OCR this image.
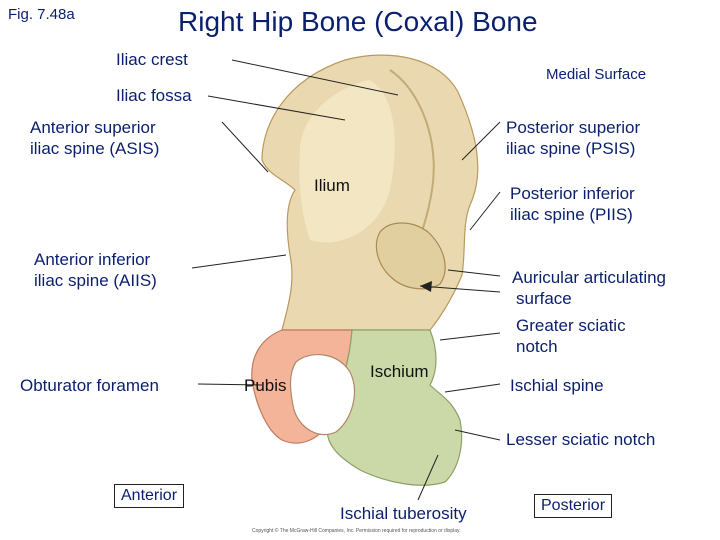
Fig. 7.48a	Right Hip Bone (Coxal) Bone
Iliac crest
Medial Surface
Iliac fossa
Anterior superior
iliac spine (ASIS)
Posterior superior
iliac spine (PSIS)
Ilium	Posterior inferior
iliac spine (PIIS)
Anterior inferior
iliac spine (AIIS)	Auricular articulating
surface
Greater sciatic
notch
Obturator foramen	Pubis
Ischium
Ischial spine
Lesser sciatic notch
Ischial tuberosity
Anterior
Posterior
Copyright © The McGraw-Hill Companies, Inc. Permission required for reproduction or display.
